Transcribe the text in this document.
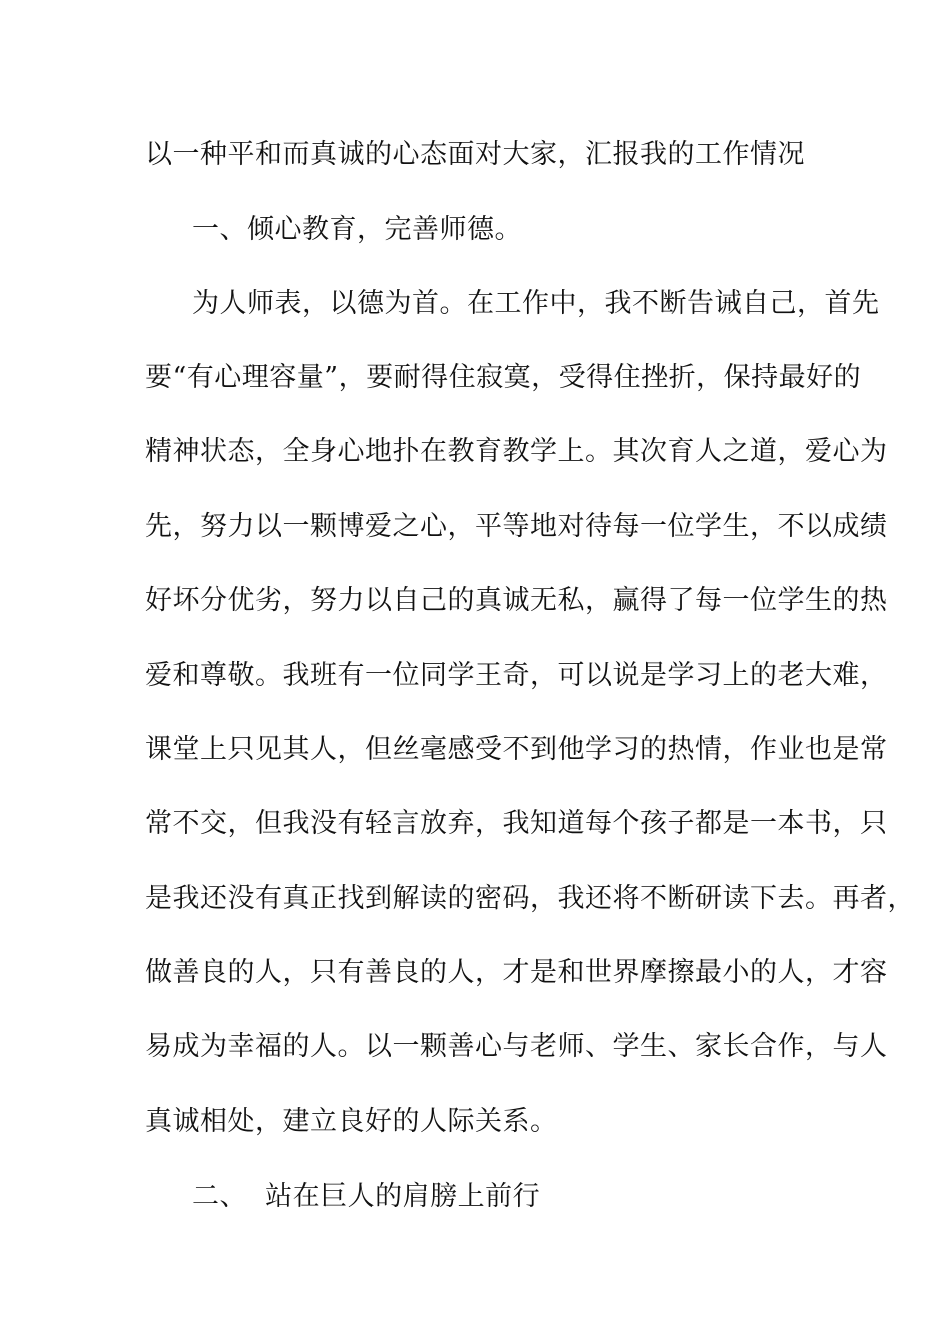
以一种平和而真诚的心态面对大家，汇报我的工作情况
一、倾心教育，完善师德。
为人师表，以德为首。在工作中，我不断告诫自己，首先
要“有心理容量”，要耐得住寂寞，受得住挫折，保持最好的
精神状态，全身心地扑在教育教学上。其次育人之道，爱心为
先，努力以一颗博爱之心，平等地对待每一位学生，不以成绩
好坏分优劣，努力以自己的真诚无私，赢得了每一位学生的热
爱和尊敬。我班有一位同学王奇，可以说是学习上的老大难，
课堂上只见其人，但丝毫感受不到他学习的热情，作业也是常
常不交，但我没有轻言放弃，我知道每个孩子都是一本书，只
是我还没有真正找到解读的密码，我还将不断研读下去。再者，
做善良的人，只有善良的人，才是和世界摩擦最小的人，才容
易成为幸福的人。以一颗善心与老师、学生、家长合作，与人
真诚相处，建立良好的人际关系。
二、  站在巨人的肩膀上前行
